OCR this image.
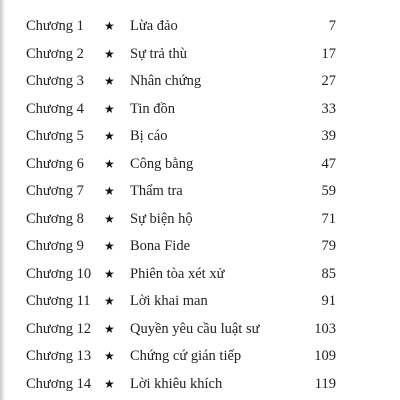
Chương 1 ★ Lừa đảo	7
Chương 2 ★ Sự trả thù	17
Chương 3 ★ Nhân chứng	27
Chương 4 ★ Tin đồn	33
Chương 5 ★ Bị cáo	39
Chương 6 ★ Công bằng	47
Chương 7 ★ Thẩm tra	59
Chương 8 ★ Sự biện hộ	71
Chương 9 ★ Bona Fide	79
Chương 10 ★ Phiên tòa xét xử	85
Chương 11 ★ Lời khai man	91
Chương 12 ★ Quyền yêu cầu luật sư	103
Chương 13 ★ Chứng cứ gián tiếp	109
Chương 14 ★ Lời khiêu khích	119
